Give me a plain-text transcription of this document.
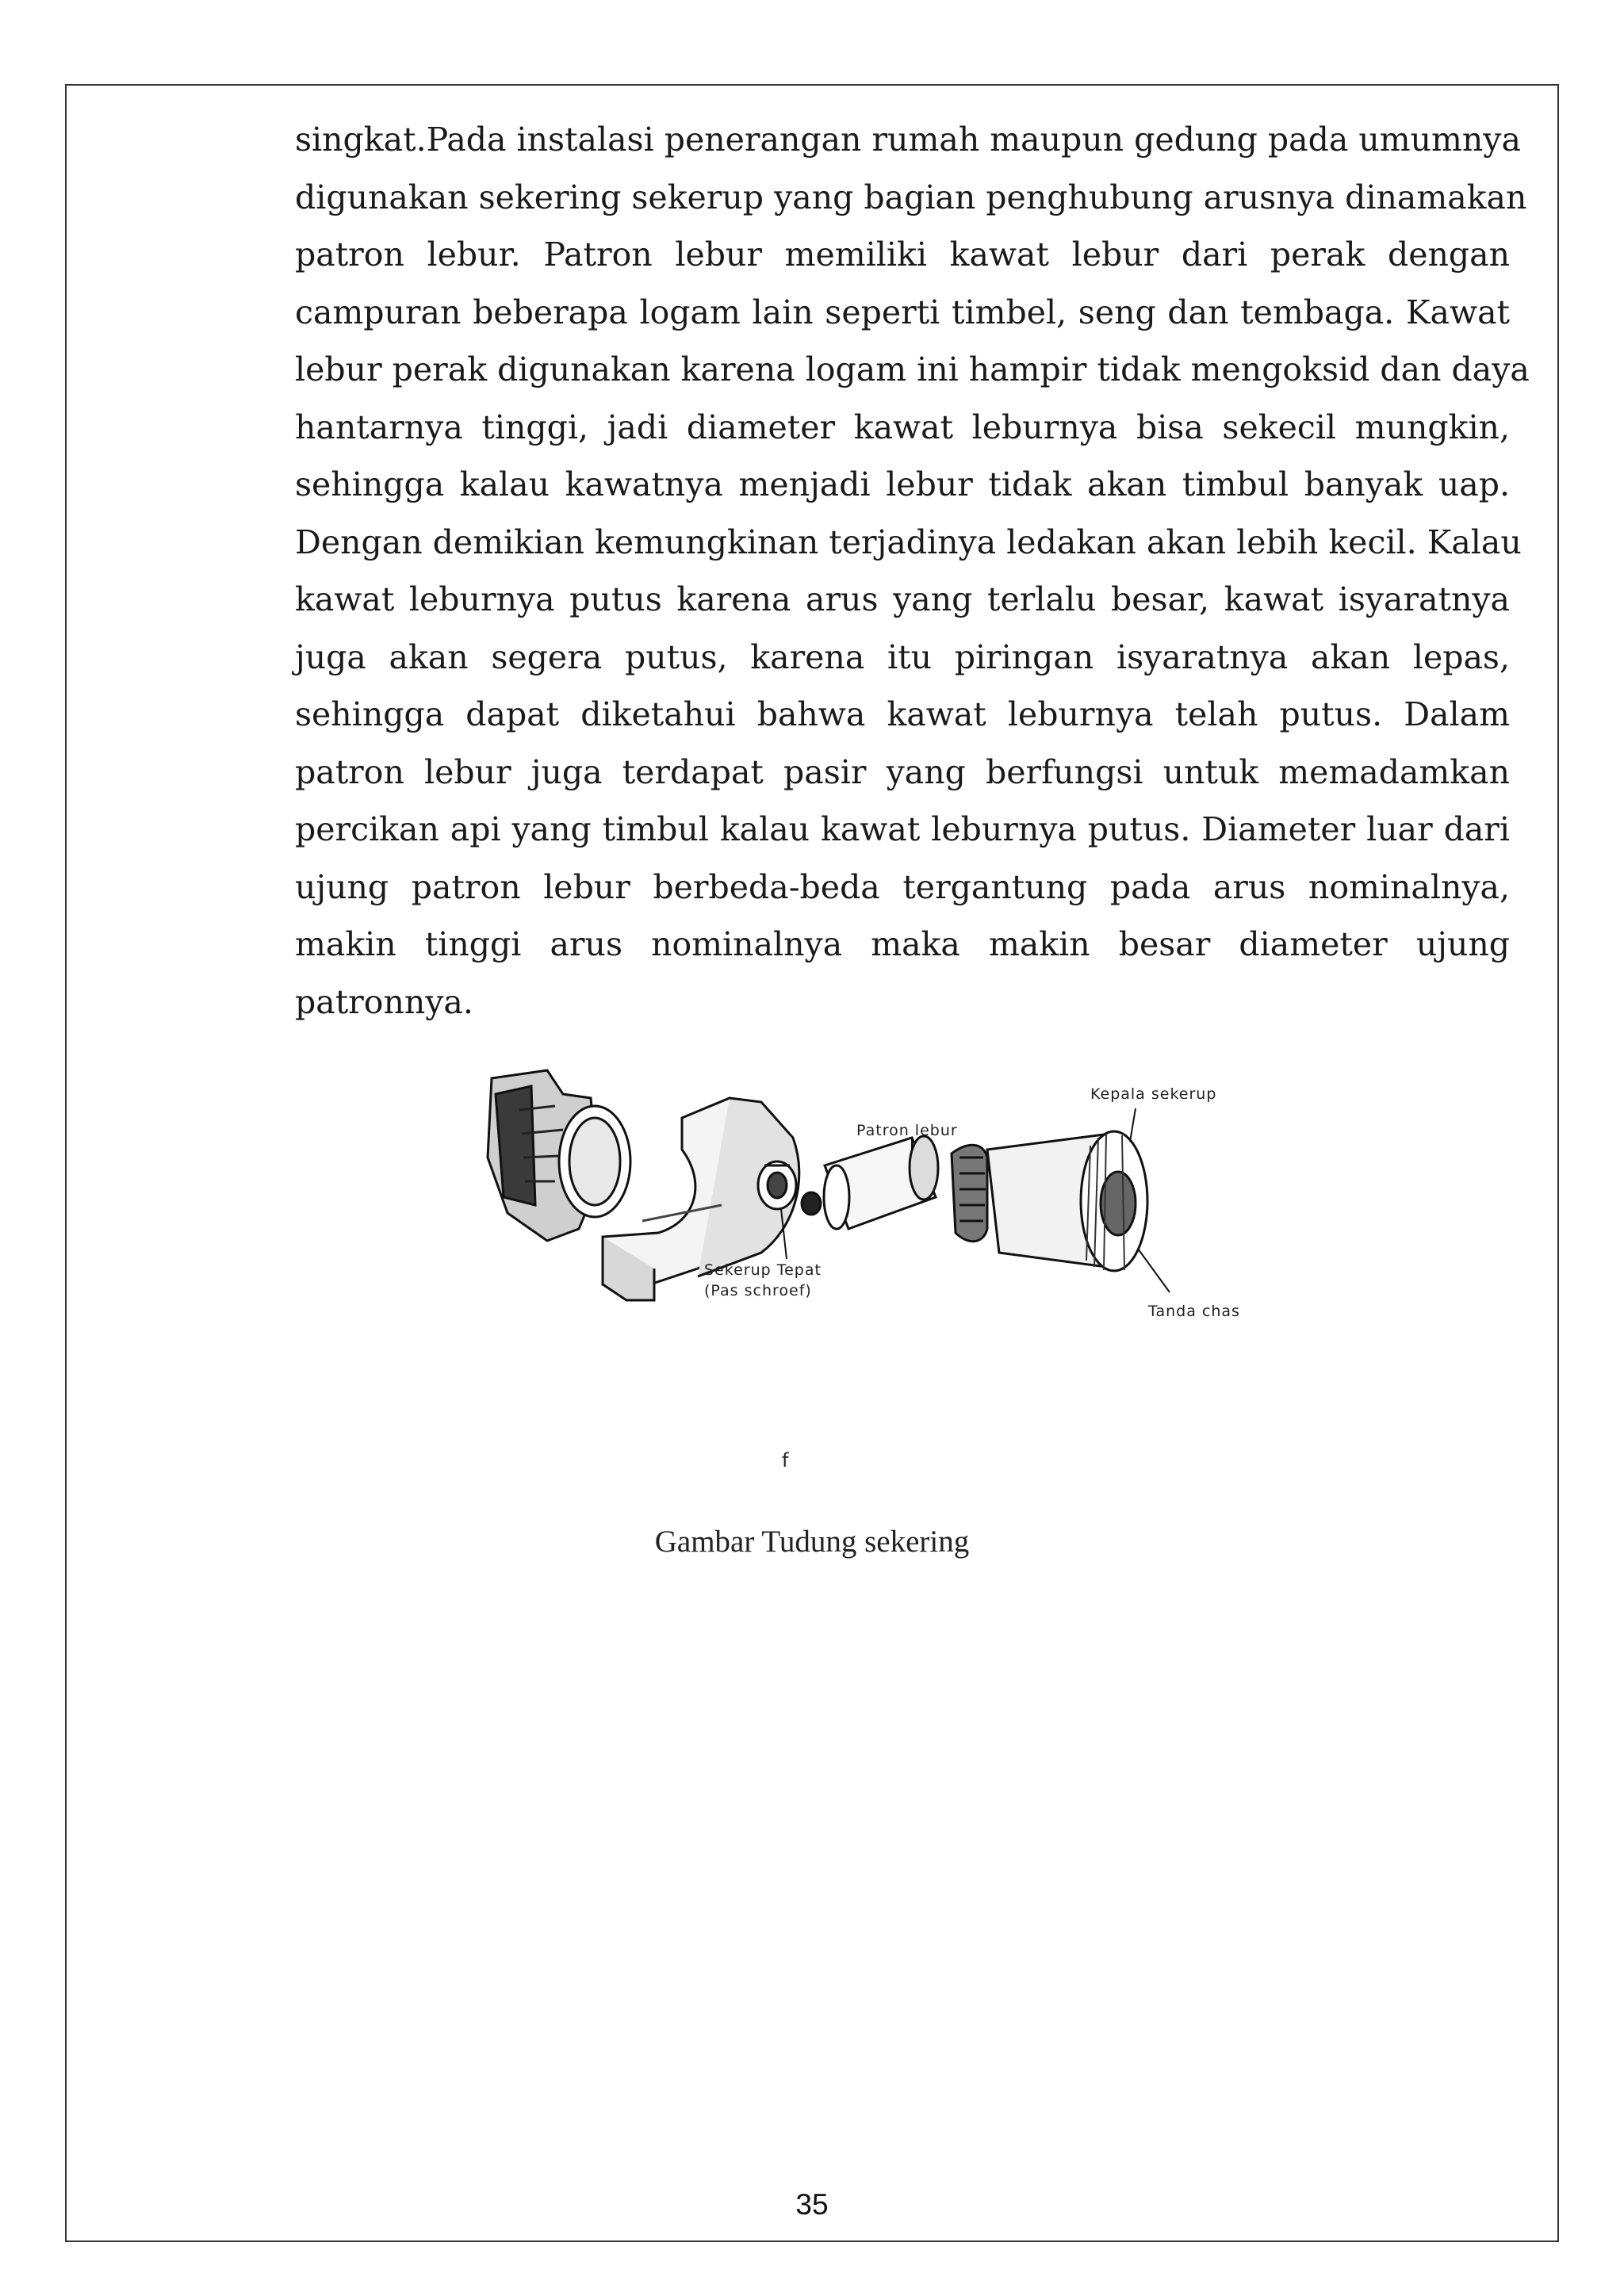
singkat.Pada instalasi penerangan rumah maupun gedung pada umumnya
digunakan sekering sekerup yang bagian penghubung arusnya dinamakan
patron lebur. Patron lebur memiliki kawat lebur dari perak dengan
campuran beberapa logam lain seperti timbel, seng dan tembaga. Kawat
lebur perak digunakan karena logam ini hampir tidak mengoksid dan daya
hantarnya tinggi, jadi diameter kawat leburnya bisa sekecil mungkin,
sehingga kalau kawatnya menjadi lebur tidak akan timbul banyak uap.
Dengan demikian kemungkinan terjadinya ledakan akan lebih kecil. Kalau
kawat leburnya putus karena arus yang terlalu besar, kawat isyaratnya
juga akan segera putus, karena itu piringan isyaratnya akan lepas,
sehingga dapat diketahui bahwa kawat leburnya telah putus. Dalam
patron lebur juga terdapat pasir yang berfungsi untuk memadamkan
percikan api yang timbul kalau kawat leburnya putus. Diameter luar dari
ujung patron lebur berbeda-beda tergantung pada arus nominalnya,
makin tinggi arus nominalnya maka makin besar diameter ujung
patronnya.
Patron lebur
Kepala sekerup
Sekerup Tepat
(Pas schroef)
Tanda chas
f
Gambar Tudung sekering
35
